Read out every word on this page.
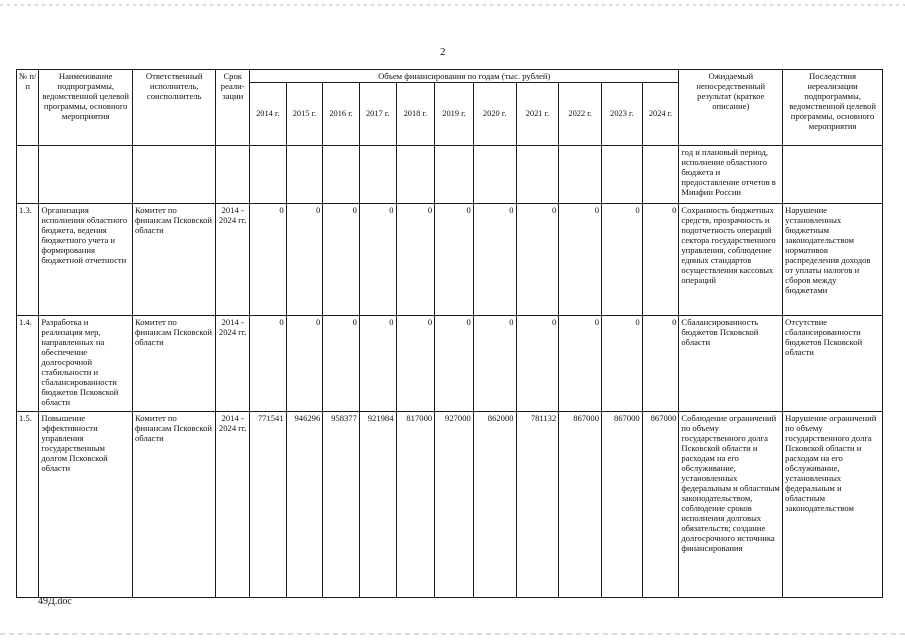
2
№ п/п	Наименование подпрограммы, ведомственной целевой программы, основного мероприятия	Ответственный исполнитель, соисполнитель	Срок реали-зации	Объем финансирования по годам (тыс. рублей)											Ожидаемый непосредственный результат (краткое описание)	Последствия нереализации подпрограммы, ведомственной целевой программы, основного мероприятия
				2014 г.	2015 г.	2016 г.	2017 г.	2018 г.	2019 г.	2020 г.	2021 г.	2022 г.	2023 г.	2024 г.		
															год и плановый период, исполнение областного бюджета и предоставление отчетов в Минфин России	
1.3.	Организация исполнения областного бюджета, ведения бюджетного учета и формирования бюджетной отчетности	Комитет по финансам Псковской области	2014 - 2024 гг.	0	0	0	0	0	0	0	0	0	0	0	Сохранность бюджетных средств, прозрачность и подотчетность операций сектора государственного управления, соблюдение единых стандартов осуществления кассовых операций	Нарушение установленных бюджетным законодательством нормативов распределения доходов от уплаты налогов и сборов между бюджетами
1.4.	Разработка и реализация мер, направленных на обеспечение долгосрочной стабильности и сбалансированности бюджетов Псковской области	Комитет по финансам Псковской области	2014 - 2024 гг.	0	0	0	0	0	0	0	0	0	0	0	Сбалансированность бюджетов Псковской области	Отсутствие сбалансированности бюджетов Псковской области
1.5.	Повышение эффективности управления государственным долгом Псковской области	Комитет по финансам Псковской области	2014 - 2024 гг.	771541	946296	958377	921984	817000	927000	862000	781132	867000	867000	867000	Соблюдение ограничений по объему государственного долга Псковской области и расходам на его обслуживание, установленных федеральным и областным законодательством, соблюдение сроков исполнения долговых обязательств; создание долгосрочного источника финансирования	Нарушение ограничений по объему государственного долга Псковской области и расходам на его обслуживание, установленных федеральным и областным законодательством
49Д.doc
